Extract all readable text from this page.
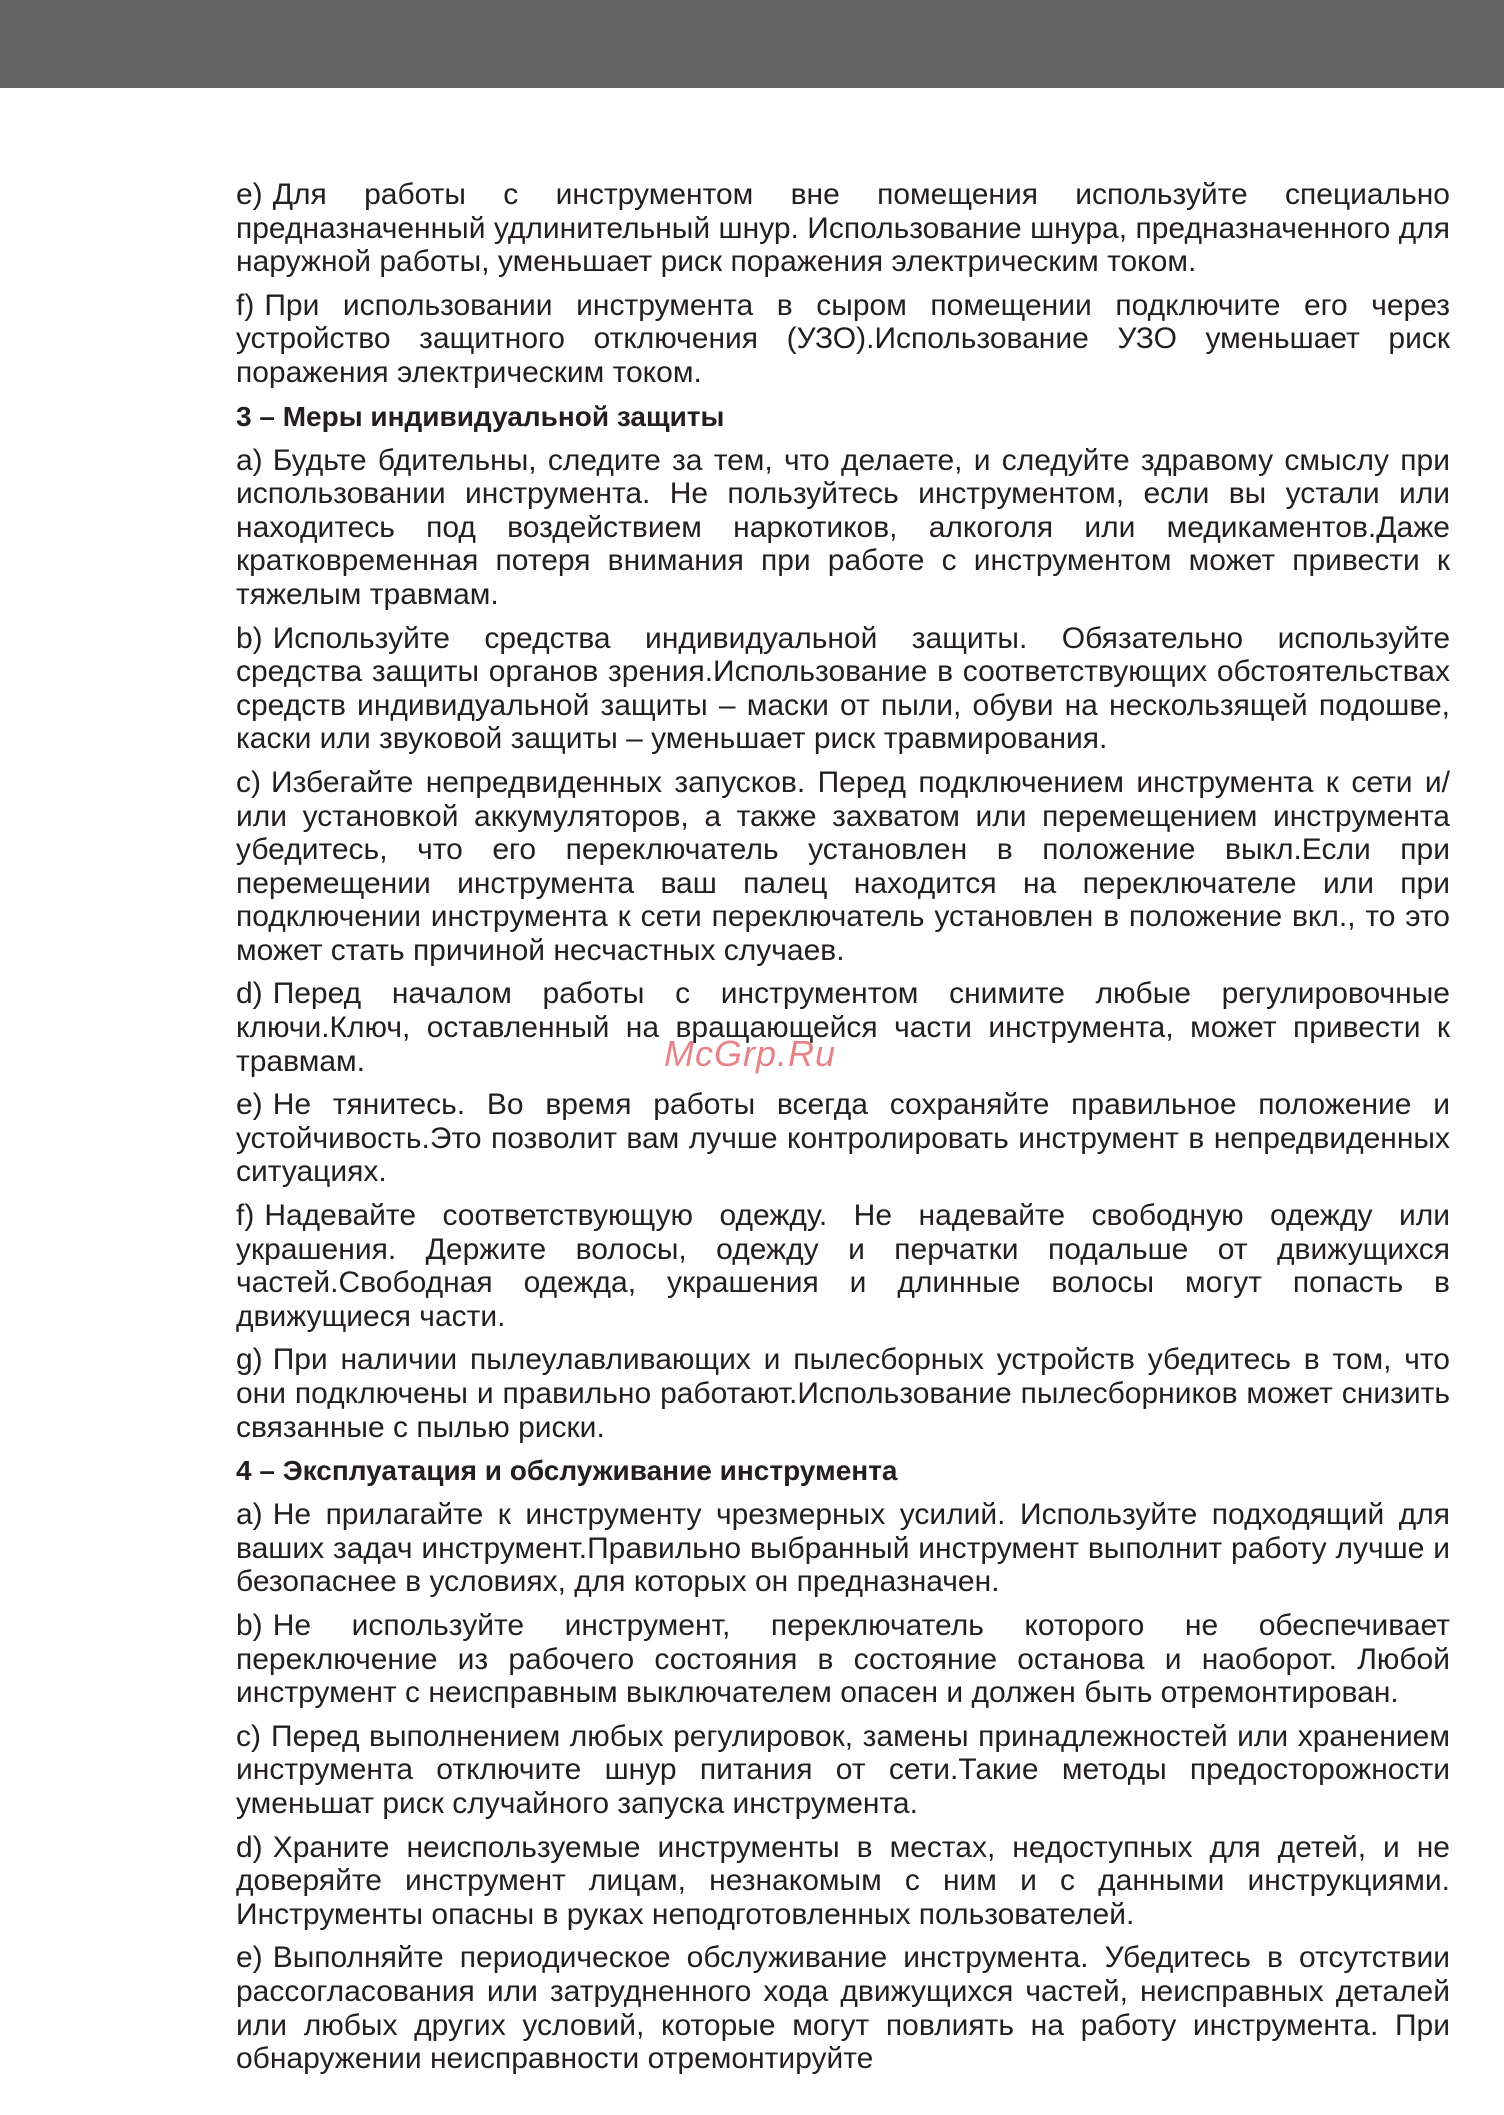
e) Для работы с инструментом вне помещения используйте специально предназначенный удлинительный шнур. Использование шнура, предназначенного для наружной работы, уменьшает риск поражения электрическим током.

f) При использовании инструмента в сыром помещении подключите его через устройство защитного отключения (УЗО).Использование УЗО уменьшает риск поражения электрическим током.

3 – Меры индивидуальной защиты

a) Будьте бдительны, следите за тем, что делаете, и следуйте здравому смыслу при использовании инструмента. Не пользуйтесь инструментом, если вы устали или находитесь под воздействием наркотиков, алкоголя или медикаментов.Даже кратковременная потеря внимания при работе с инструментом может привести к тяжелым травмам.

b) Используйте средства индивидуальной защиты. Обязательно используйте средства защиты органов зрения.Использование в соответствующих обстоятельствах средств индивидуальной защиты – маски от пыли, обуви на нескользящей подошве, каски или звуковой защиты – уменьшает риск травмирования.

c) Избегайте непредвиденных запусков. Перед подключением инструмента к сети и/или установкой аккумуляторов, а также захватом или перемещением инструмента убедитесь, что его переключатель установлен в положение выкл.Если при перемещении инструмента ваш палец находится на переключателе или при подключении инструмента к сети переключатель установлен в положение вкл., то это может стать причиной несчастных случаев.

d) Перед началом работы с инструментом снимите любые регулировочные ключи.Ключ, оставленный на вращающейся части инструмента, может привести к травмам.

e) Не тянитесь. Во время работы всегда сохраняйте правильное положение и устойчивость.Это позволит вам лучше контролировать инструмент в непредвиденных ситуациях.

f) Надевайте соответствующую одежду. Не надевайте свободную одежду или украшения. Держите волосы, одежду и перчатки подальше от движущихся частей.Свободная одежда, украшения и длинные волосы могут попасть в движущиеся части.

g) При наличии пылеулавливающих и пылесборных устройств убедитесь в том, что они подключены и правильно работают.Использование пылесборников может снизить связанные с пылью риски.

4 – Эксплуатация и обслуживание инструмента

a) Не прилагайте к инструменту чрезмерных усилий. Используйте подходящий для ваших задач инструмент.Правильно выбранный инструмент выполнит работу лучше и безопаснее в условиях, для которых он предназначен.

b) Не используйте инструмент, переключатель которого не обеспечивает переключение из рабочего состояния в состояние останова и наоборот. Любой инструмент с неисправным выключателем опасен и должен быть отремонтирован.

c) Перед выполнением любых регулировок, замены принадлежностей или хранением инструмента отключите шнур питания от сети.Такие методы предосторожности уменьшат риск случайного запуска инструмента.

d) Храните неиспользуемые инструменты в местах, недоступных для детей, и не доверяйте инструмент лицам, незнакомым с ним и с данными инструкциями. Инструменты опасны в руках неподготовленных пользователей.

e) Выполняйте периодическое обслуживание инструмента. Убедитесь в отсутствии рассогласования или затрудненного хода движущихся частей, неисправных деталей или любых других условий, которые могут повлиять на работу инструмента. При обнаружении неисправности отремонтируйте

McGrp.Ru
